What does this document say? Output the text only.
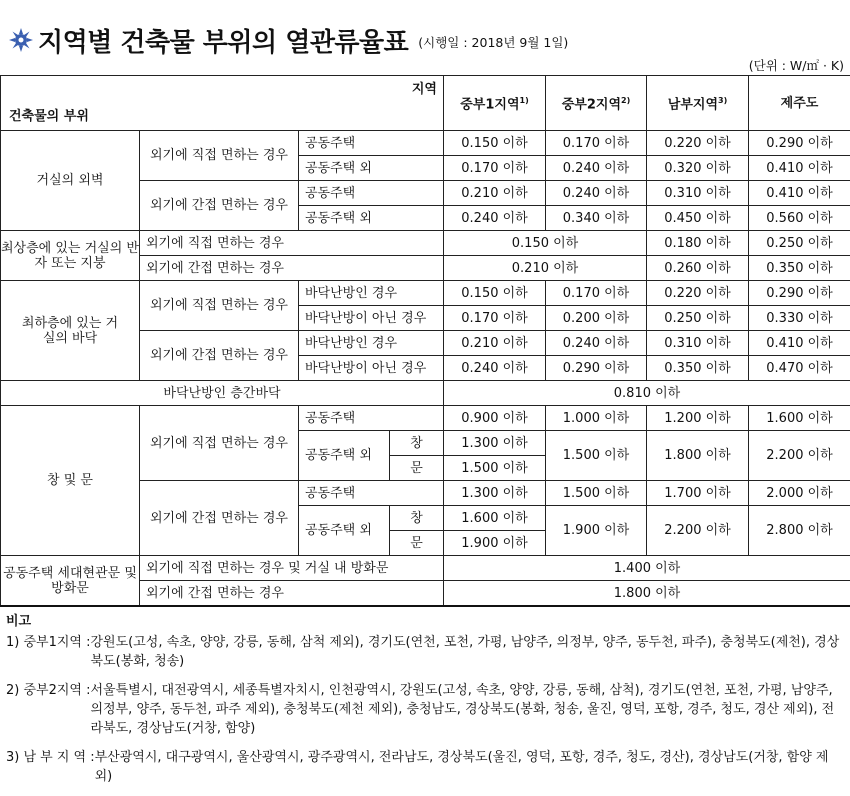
지역별 건축물 부위의 열관류율표 (시행일 : 2018년 9월 1일)
(단위 : W/㎡ · K)
지역
건축물의 부위				중부1지역$^{1)}$	중부2지역$^{2)}$	남부지역$^{3)}$	제주도
거실의 외벽	외기에 직접 면하는 경우	공동주택		0.150 이하	0.170 이하	0.220 이하	0.290 이하
		공동주택 외		0.170 이하	0.240 이하	0.320 이하	0.410 이하
	외기에 간접 면하는 경우	공동주택		0.210 이하	0.240 이하	0.310 이하	0.410 이하
		공동주택 외		0.240 이하	0.340 이하	0.450 이하	0.560 이하
최상층에 있는 거실의 반자 또는 지붕	외기에 직접 면하는 경우			0.150 이하		0.180 이하	0.250 이하
	외기에 간접 면하는 경우			0.210 이하		0.260 이하	0.350 이하
최하층에 있는 거실의 바닥	외기에 직접 면하는 경우	바닥난방인 경우		0.150 이하	0.170 이하	0.220 이하	0.290 이하
		바닥난방이 아닌 경우		0.170 이하	0.200 이하	0.250 이하	0.330 이하
	외기에 간접 면하는 경우	바닥난방인 경우		0.210 이하	0.240 이하	0.310 이하	0.410 이하
		바닥난방이 아닌 경우		0.240 이하	0.290 이하	0.350 이하	0.470 이하
바닥난방인 층간바닥				0.810 이하			
창 및 문	외기에 직접 면하는 경우	공동주택		0.900 이하	1.000 이하	1.200 이하	1.600 이하
		공동주택 외	창	1.300 이하	1.500 이하	1.800 이하	2.200 이하
			문	1.500 이하			
	외기에 간접 면하는 경우	공동주택		1.300 이하	1.500 이하	1.700 이하	2.000 이하
		공동주택 외	창	1.600 이하	1.900 이하	2.200 이하	2.800 이하
			문	1.900 이하			
공동주택 세대현관문 및 방화문	외기에 직접 면하는 경우 및 거실 내 방화문			1.400 이하			
	외기에 간접 면하는 경우			1.800 이하			
비고
1) 중부1지역 : 강원도(고성, 속초, 양양, 강릉, 동해, 삼척 제외), 경기도(연천, 포천, 가평, 남양주, 의정부, 양주, 동두천, 파주), 충청북도(제천), 경상북도(봉화, 청송)
2) 중부2지역 : 서울특별시, 대전광역시, 세종특별자치시, 인천광역시, 강원도(고성, 속초, 양양, 강릉, 동해, 삼척), 경기도(연천, 포천, 가평, 남양주, 의정부, 양주, 동두천, 파주 제외), 충청북도(제천 제외), 충청남도, 경상북도(봉화, 청송, 울진, 영덕, 포항, 경주, 청도, 경산 제외), 전라북도, 경상남도(거창, 함양)
3) 남 부 지 역 : 부산광역시, 대구광역시, 울산광역시, 광주광역시, 전라남도, 경상북도(울진, 영덕, 포항, 경주, 청도, 경산), 경상남도(거창, 함양 제외)
